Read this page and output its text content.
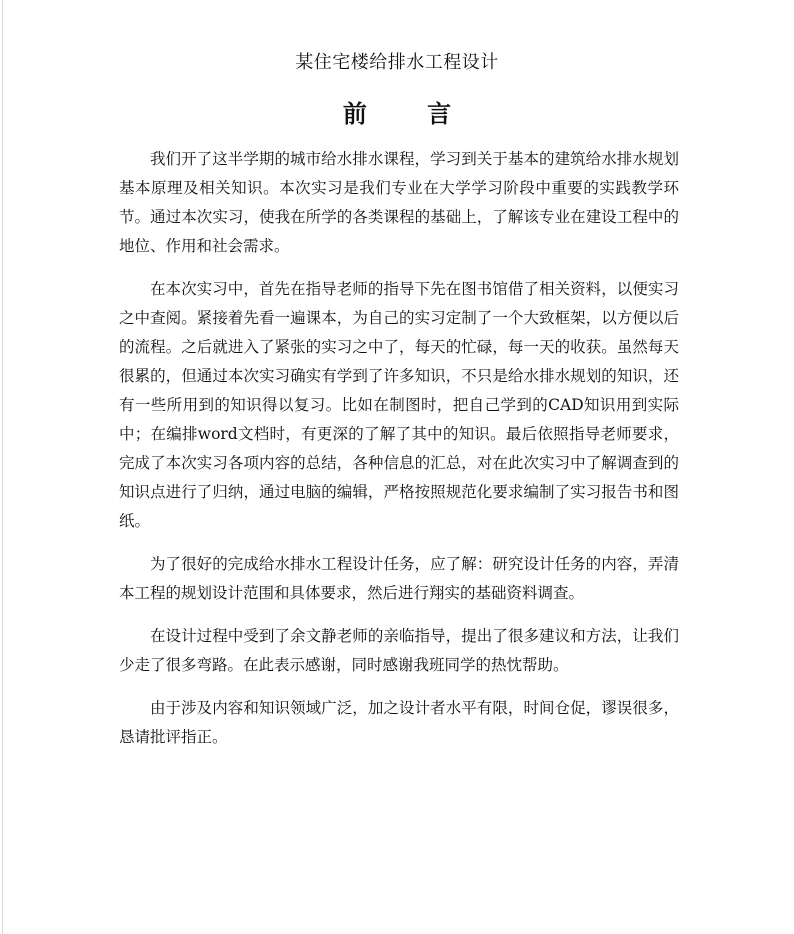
某住宅楼给排水工程设计
前 言

我们开了这半学期的城市给水排水课程，学习到关于基本的建筑给水排水规划基本原理及相关知识。本次实习是我们专业在大学学习阶段中重要的实践教学环节。通过本次实习，使我在所学的各类课程的基础上，了解该专业在建设工程中的地位、作用和社会需求。

在本次实习中，首先在指导老师的指导下先在图书馆借了相关资料，以便实习之中查阅。紧接着先看一遍课本，为自己的实习定制了一个大致框架，以方便以后的流程。之后就进入了紧张的实习之中了，每天的忙碌，每一天的收获。虽然每天很累的，但通过本次实习确实有学到了许多知识，不只是给水排水规划的知识，还有一些所用到的知识得以复习。比如在制图时，把自己学到的CAD知识用到实际中；在编排word文档时，有更深的了解了其中的知识。最后依照指导老师要求，完成了本次实习各项内容的总结，各种信息的汇总，对在此次实习中了解调查到的知识点进行了归纳，通过电脑的编辑，严格按照规范化要求编制了实习报告书和图纸。

为了很好的完成给水排水工程设计任务，应了解：研究设计任务的内容，弄清本工程的规划设计范围和具体要求，然后进行翔实的基础资料调查。

在设计过程中受到了余文静老师的亲临指导，提出了很多建议和方法，让我们少走了很多弯路。在此表示感谢，同时感谢我班同学的热忱帮助。

由于涉及内容和知识领域广泛，加之设计者水平有限，时间仓促，谬误很多，恳请批评指正。
